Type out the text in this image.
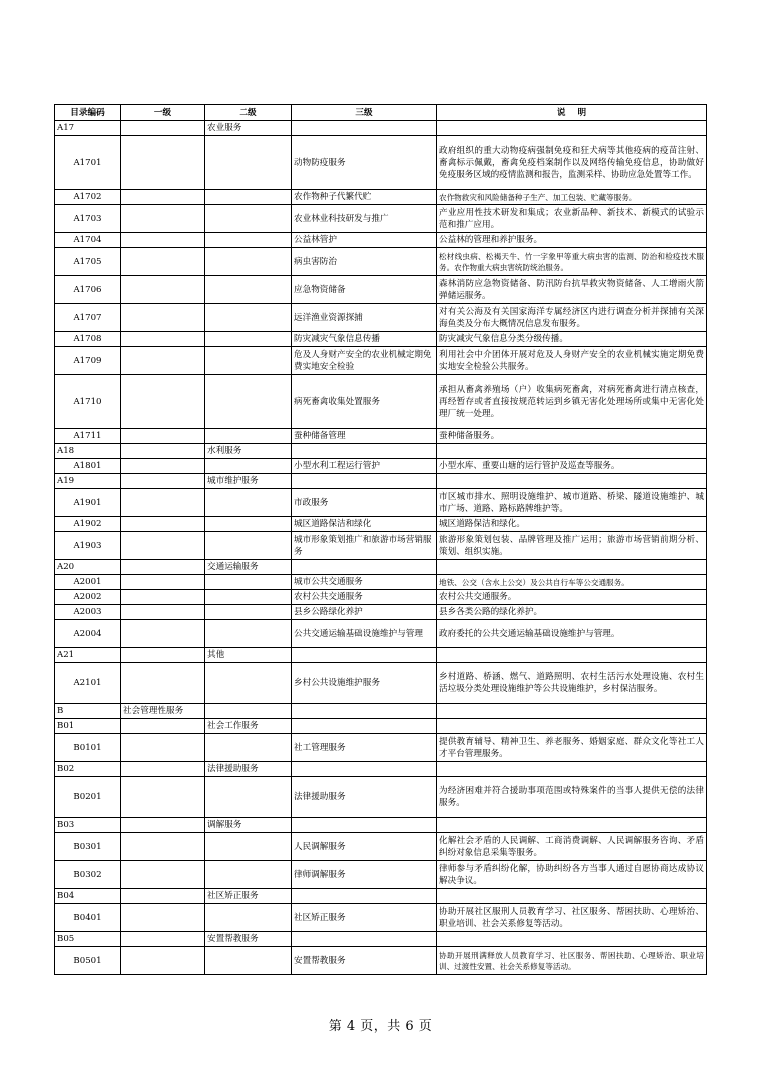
目录编码	一级	二级	三级	说    明
A17		农业服务		
A1701			动物防疫服务	政府组织的重大动物疫病强制免疫和狂犬病等其他疫病的疫苗注射、畜禽标示佩戴，畜禽免疫档案制作以及网络传输免疫信息，协助做好免疫服务区域的疫情监测和报告，监测采样、协助应急处置等工作。
A1702			农作物种子代繁代贮	农作物救灾和风险储备种子生产、加工包装、贮藏等服务。
A1703			农业林业科技研发与推广	产业应用性技术研发和集成；农业新品种、新技术、新模式的试验示范和推广应用。
A1704			公益林管护	公益林的管理和养护服务。
A1705			病虫害防治	松材线虫病、松褐天牛、竹一字象甲等重大病虫害的监测、防治和检疫技术服务。农作物重大病虫害统防统治服务。
A1706			应急物资储备	森林消防应急物资储备、防汛防台抗旱救灾物资储备、人工增雨火箭弹储运服务。
A1707			远洋渔业资源探捕	对有关公海及有关国家海洋专属经济区内进行调查分析并探捕有关深海鱼类及分布大概情况信息发布服务。
A1708			防灾减灾气象信息传播	防灾减灾气象信息分类分级传播。
A1709			危及人身财产安全的农业机械定期免费实地安全检验	利用社会中介团体开展对危及人身财产安全的农业机械实施定期免费实地安全检验公共服务。
A1710			病死畜禽收集处置服务	承担从畜禽养殖场（户）收集病死畜禽，对病死畜禽进行清点核查，再经暂存或者直接按规范转运到乡镇无害化处理场所或集中无害化处理厂统一处理。
A1711			蚕种储备管理	蚕种储备服务。
A18		水利服务		
A1801			小型水利工程运行管护	小型水库、重要山塘的运行管护及巡查等服务。
A19		城市维护服务		
A1901			市政服务	市区城市排水、照明设施维护、城市道路、桥梁、隧道设施维护、城市广场、道路、路标路牌维护等。
A1902			城区道路保洁和绿化	城区道路保洁和绿化。
A1903			城市形象策划推广和旅游市场营销服务	旅游形象策划包装、品牌管理及推广运用；旅游市场营销前期分析、策划、组织实施。
A20		交通运输服务		
A2001			城市公共交通服务	地铁、公交（含水上公交）及公共自行车等公交通服务。
A2002			农村公共交通服务	农村公共交通服务。
A2003			县乡公路绿化养护	县乡各类公路的绿化养护。
A2004			公共交通运输基础设施维护与管理	政府委托的公共交通运输基础设施维护与管理。
A21		其他		
A2101			乡村公共设施维护服务	乡村道路、桥涵、燃气、道路照明、农村生活污水处理设施、农村生活垃圾分类处理设施维护等公共设施维护，乡村保洁服务。
B	社会管理性服务			
B01		社会工作服务		
B0101			社工管理服务	提供教育辅导、精神卫生、养老服务、婚姻家庭、群众文化等社工人才平台管理服务。
B02		法律援助服务		
B0201			法律援助服务	为经济困难并符合援助事项范围或特殊案件的当事人提供无偿的法律服务。
B03		调解服务		
B0301			人民调解服务	化解社会矛盾的人民调解、工商消费调解、人民调解服务咨询、矛盾纠纷对象信息采集等服务。
B0302			律师调解服务	律师参与矛盾纠纷化解，协助纠纷各方当事人通过自愿协商达成协议解决争议。
B04		社区矫正服务		
B0401			社区矫正服务	协助开展社区服刑人员教育学习、社区服务、帮困扶助、心理矫治、职业培训、社会关系修复等活动。
B05		安置帮教服务		
B0501			安置帮教服务	协助开展刑满释放人员教育学习、社区服务、帮困扶助、心理矫治、职业培训、过渡性安置、社会关系修复等活动。
第 4 页，共 6 页
